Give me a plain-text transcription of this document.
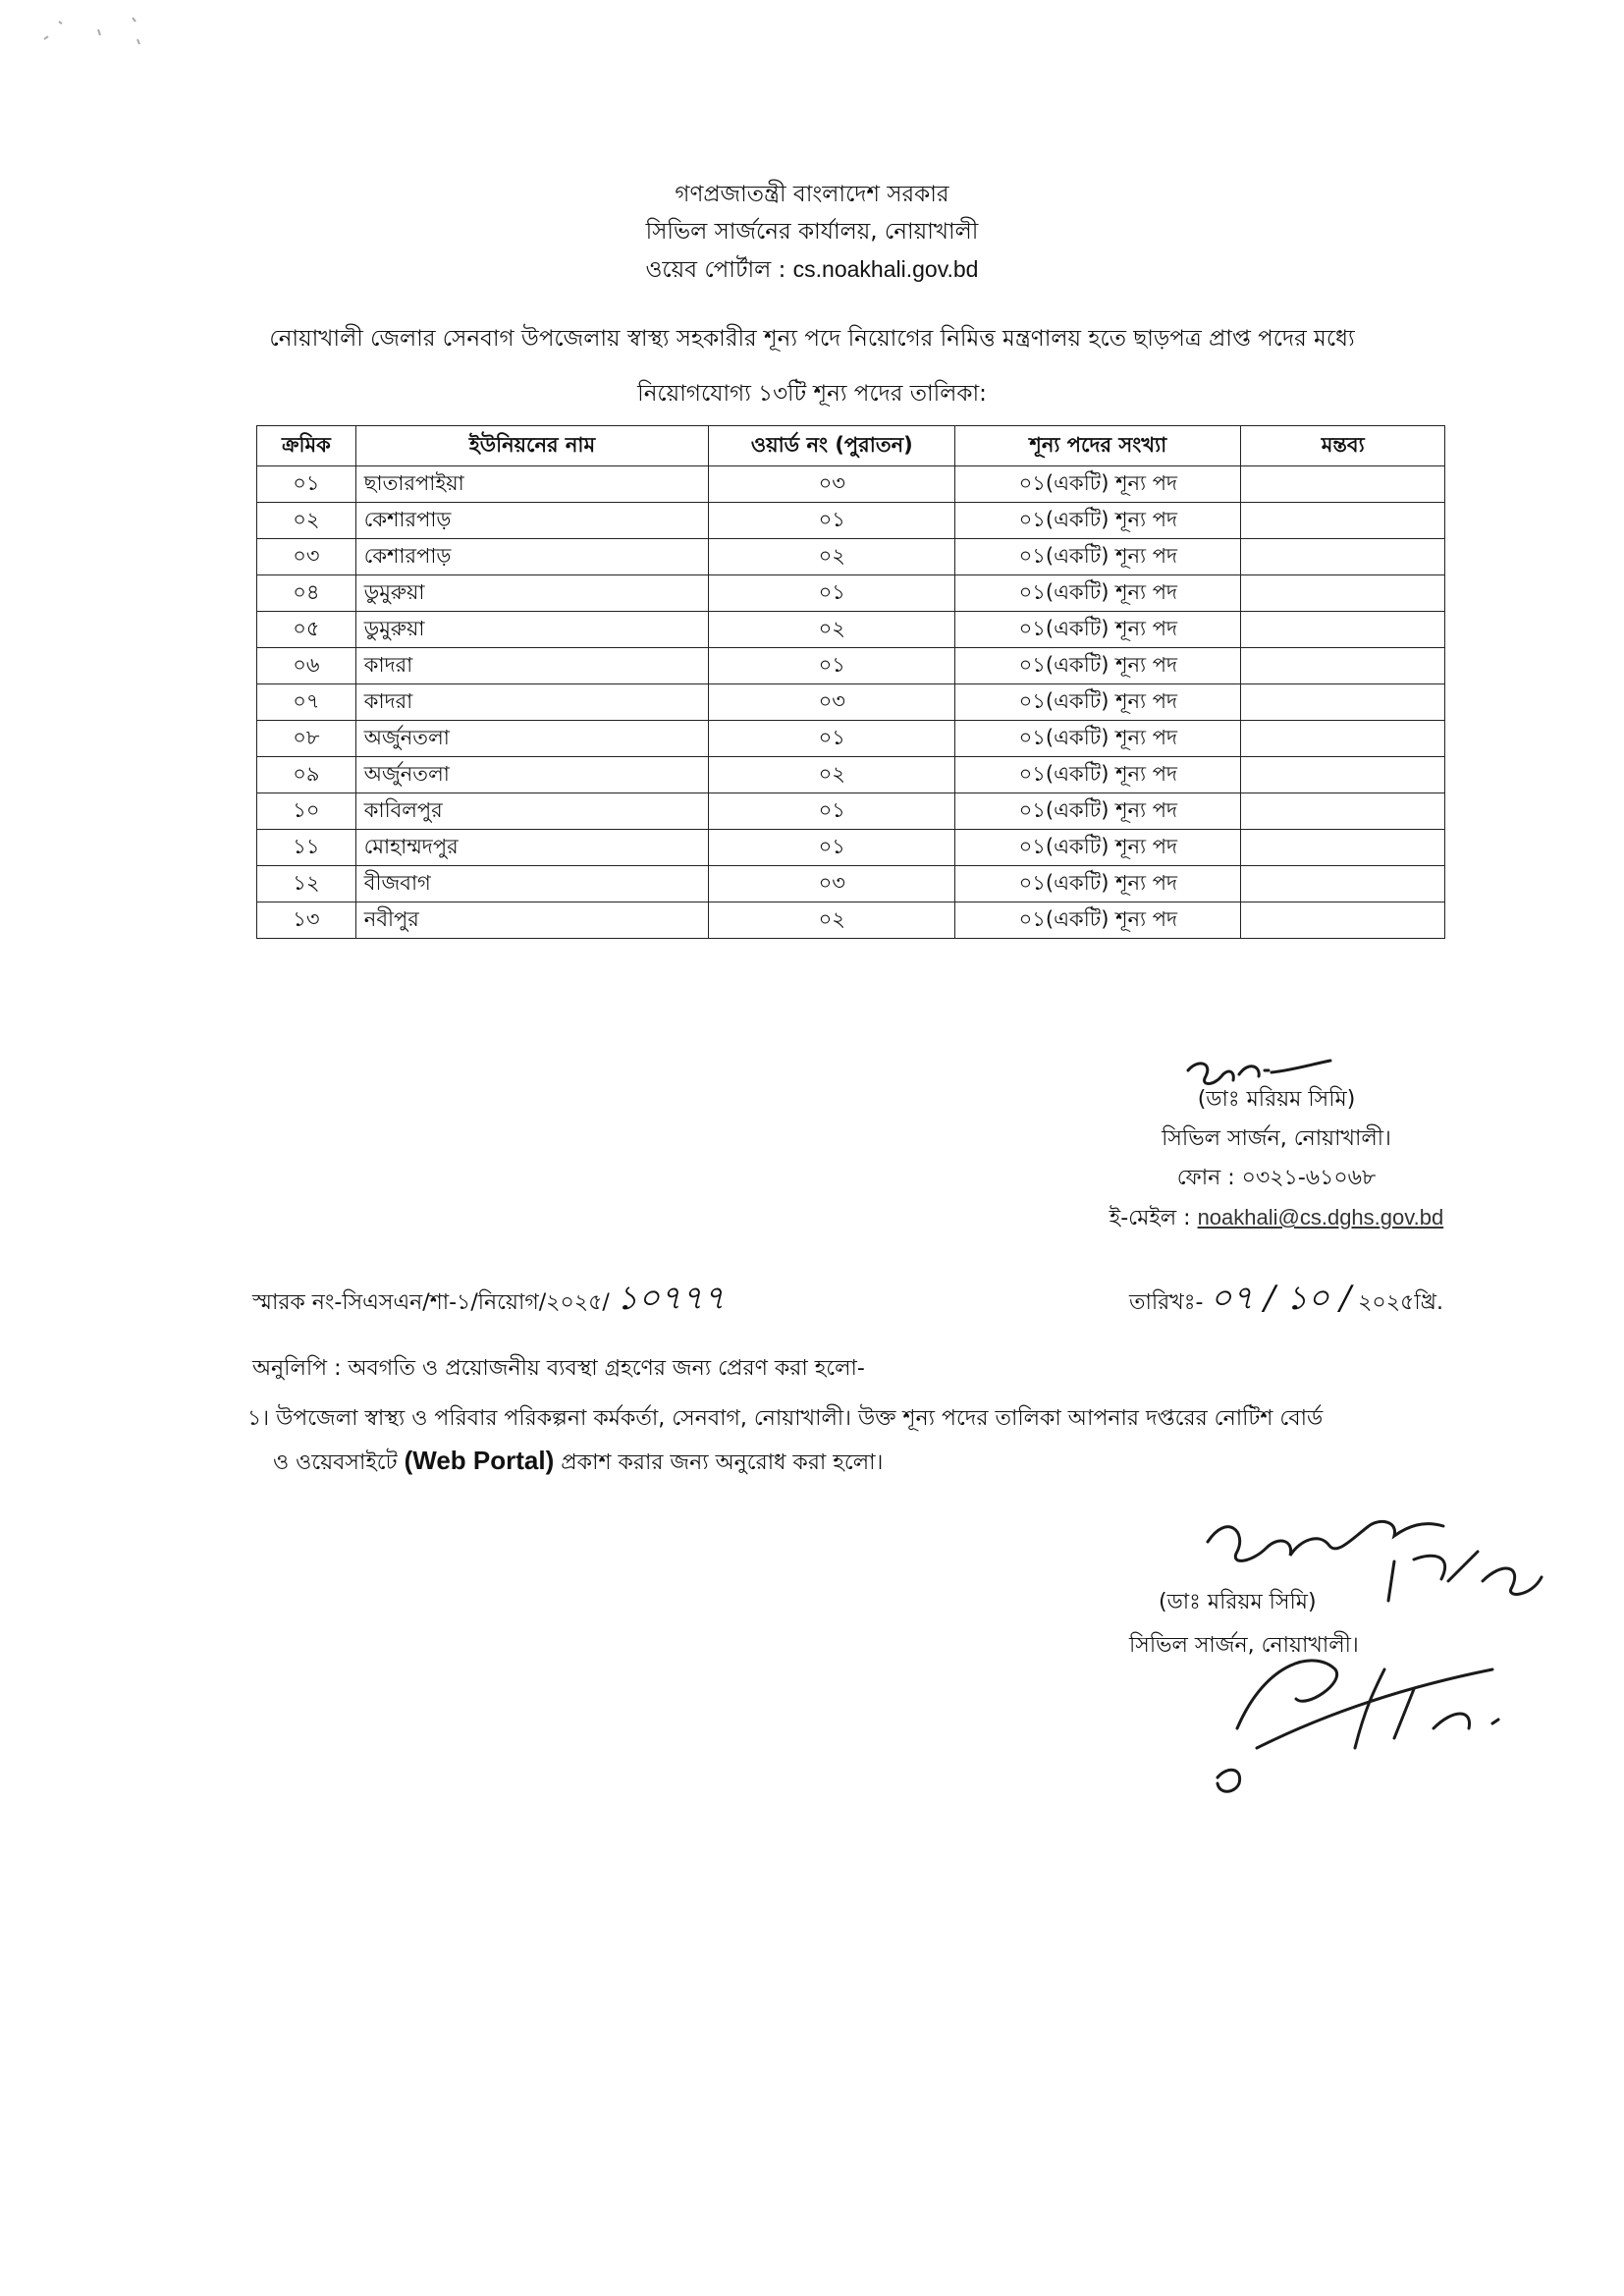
গণপ্রজাতন্ত্রী বাংলাদেশ সরকার
সিভিল সার্জনের কার্যালয়, নোয়াখালী
ওয়েব পোর্টাল : cs.noakhali.gov.bd
নোয়াখালী জেলার সেনবাগ উপজেলায় স্বাস্থ্য সহকারীর শূন্য পদে নিয়োগের নিমিত্ত মন্ত্রণালয় হতে ছাড়পত্র প্রাপ্ত পদের মধ্যে
নিয়োগযোগ্য ১৩টি শূন্য পদের তালিকা:
ক্রমিক	ইউনিয়নের নাম	ওয়ার্ড নং (পুরাতন)	শূন্য পদের সংখ্যা	মন্তব্য
০১	ছাতারপাইয়া	০৩	০১(একটি) শূন্য পদ	
০২	কেশারপাড়	০১	০১(একটি) শূন্য পদ	
০৩	কেশারপাড়	০২	০১(একটি) শূন্য পদ	
০৪	ডুমুরুয়া	০১	০১(একটি) শূন্য পদ	
০৫	ডুমুরুয়া	০২	০১(একটি) শূন্য পদ	
০৬	কাদরা	০১	০১(একটি) শূন্য পদ	
০৭	কাদরা	০৩	০১(একটি) শূন্য পদ	
০৮	অর্জুনতলা	০১	০১(একটি) শূন্য পদ	
০৯	অর্জুনতলা	০২	০১(একটি) শূন্য পদ	
১০	কাবিলপুর	০১	০১(একটি) শূন্য পদ	
১১	মোহাম্মদপুর	০১	০১(একটি) শূন্য পদ	
১২	বীজবাগ	০৩	০১(একটি) শূন্য পদ	
১৩	নবীপুর	০২	০১(একটি) শূন্য পদ	
(ডাঃ মরিয়ম সিমি)
সিভিল সার্জন, নোয়াখালী।
ফোন : ০৩২১-৬১০৬৮
ই-মেইল : noakhali@cs.dghs.gov.bd
স্মারক নং-সিএসএন/শা-১/নিয়োগ/২০২৫/ ১০৭৭৭	তারিখঃ- ০৭ / ১০ / ২০২৫খ্রি.
অনুলিপি : অবগতি ও প্রয়োজনীয় ব্যবস্থা গ্রহণের জন্য প্রেরণ করা হলো-
১। উপজেলা স্বাস্থ্য ও পরিবার পরিকল্পনা কর্মকর্তা, সেনবাগ, নোয়াখালী। উক্ত শূন্য পদের তালিকা আপনার দপ্তরের নোটিশ বোর্ড
ও ওয়েবসাইটে (Web Portal) প্রকাশ করার জন্য অনুরোধ করা হলো।
(ডাঃ মরিয়ম সিমি)
সিভিল সার্জন, নোয়াখালী।
